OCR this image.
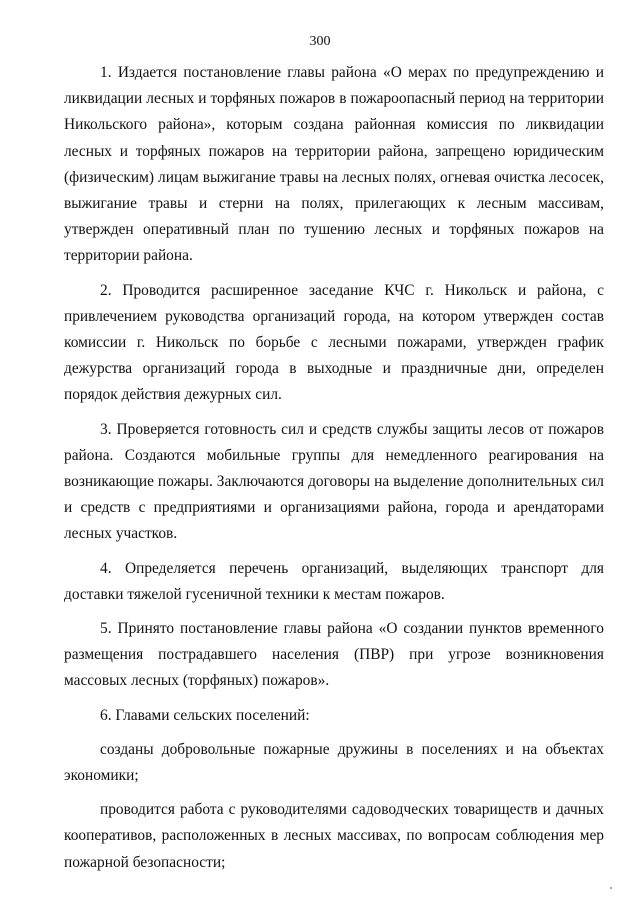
300

1. Издается постановление главы района «О мерах по предупреждению и ликвидации лесных и торфяных пожаров в пожароопасный период на территории Никольского района», которым создана районная комиссия по ликвидации лесных и торфяных пожаров на территории района, запрещено юридическим (физическим) лицам выжигание травы на лесных полях, огневая очистка лесосек, выжигание травы и стерни на полях, прилегающих к лесным массивам, утвержден оперативный план по тушению лесных и торфяных пожаров на территории района.

2. Проводится расширенное заседание КЧС г. Никольск и района, с привлечением руководства организаций города, на котором утвержден состав комиссии г. Никольск по борьбе с лесными пожарами, утвержден график дежурства организаций города в выходные и праздничные дни, определен порядок действия дежурных сил.

3. Проверяется готовность сил и средств службы защиты лесов от пожаров района. Создаются мобильные группы для немедленного реагирования на возникающие пожары. Заключаются договоры на выделение дополнительных сил и средств с предприятиями и организациями района, города и арендаторами лесных участков.

4. Определяется перечень организаций, выделяющих транспорт для доставки тяжелой гусеничной техники к местам пожаров.

5. Принято постановление главы района «О создании пунктов временного размещения пострадавшего населения (ПВР) при угрозе возникновения массовых лесных (торфяных) пожаров».

6. Главами сельских поселений:

созданы добровольные пожарные дружины в поселениях и на объектах экономики;

проводится работа с руководителями садоводческих товариществ и дачных кооперативов, расположенных в лесных массивах, по вопросам соблюдения мер пожарной безопасности;
